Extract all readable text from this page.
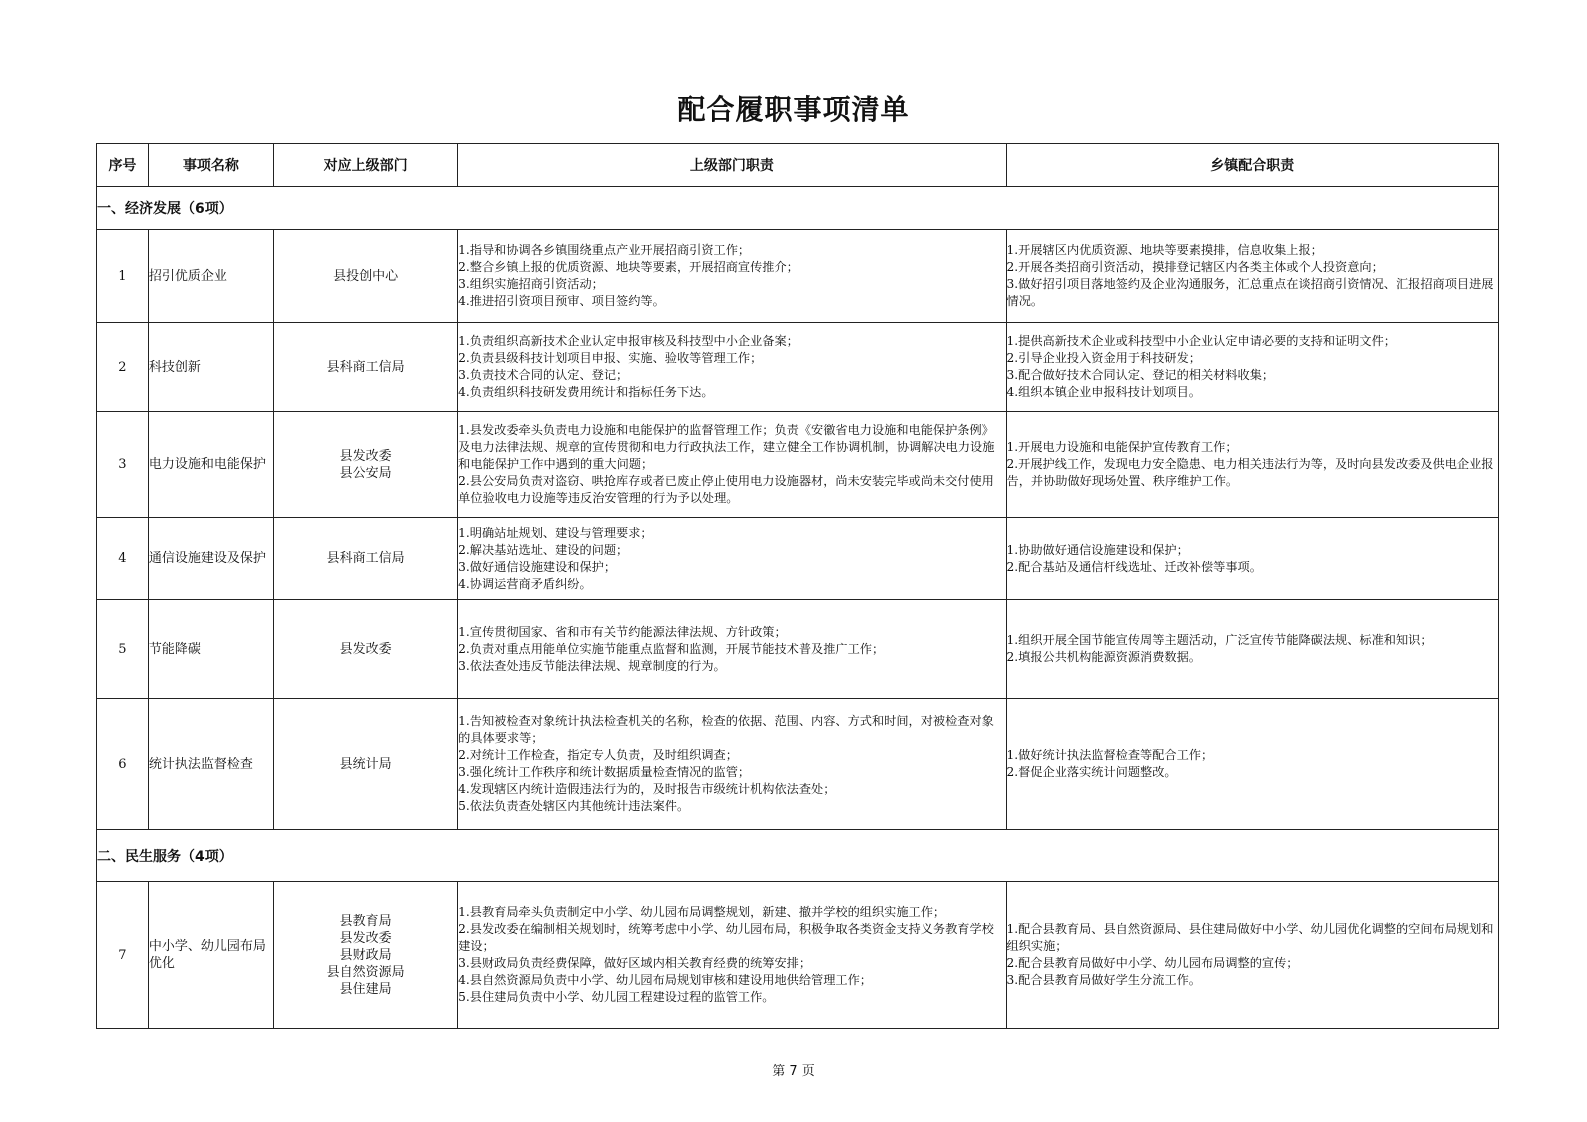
配合履职事项清单
序号	事项名称	对应上级部门	上级部门职责	乡镇配合职责
一、经济发展（6项）				
1	招引优质企业	县投创中心	1.指导和协调各乡镇围绕重点产业开展招商引资工作；
2.整合乡镇上报的优质资源、地块等要素，开展招商宣传推介；
3.组织实施招商引资活动；
4.推进招引资项目预审、项目签约等。	1.开展辖区内优质资源、地块等要素摸排，信息收集上报；
2.开展各类招商引资活动，摸排登记辖区内各类主体或个人投资意向；
3.做好招引项目落地签约及企业沟通服务，汇总重点在谈招商引资情况、汇报招商项目进展情况。

2	科技创新	县科商工信局	1.负责组织高新技术企业认定申报审核及科技型中小企业备案；
2.负责县级科技计划项目申报、实施、验收等管理工作；
3.负责技术合同的认定、登记；
4.负责组织科技研发费用统计和指标任务下达。	1.提供高新技术企业或科技型中小企业认定申请必要的支持和证明文件；
2.引导企业投入资金用于科技研发；
3.配合做好技术合同认定、登记的相关材料收集；
4.组织本镇企业申报科技计划项目。

3	电力设施和电能保护	县发改委
县公安局	1.县发改委牵头负责电力设施和电能保护的监督管理工作；负责《安徽省电力设施和电能保护条例》及电力法律法规、规章的宣传贯彻和电力行政执法工作，建立健全工作协调机制，协调解决电力设施和电能保护工作中遇到的重大问题；
2.县公安局负责对盗窃、哄抢库存或者已废止停止使用电力设施器材，尚未安装完毕或尚未交付使用单位验收电力设施等违反治安管理的行为予以处理。	1.开展电力设施和电能保护宣传教育工作；
2.开展护线工作，发现电力安全隐患、电力相关违法行为等，及时向县发改委及供电企业报告，并协助做好现场处置、秩序维护工作。

4	通信设施建设及保护	县科商工信局	1.明确站址规划、建设与管理要求；
2.解决基站选址、建设的问题；
3.做好通信设施建设和保护；
4.协调运营商矛盾纠纷。	1.协助做好通信设施建设和保护；
2.配合基站及通信杆线选址、迁改补偿等事项。

5	节能降碳	县发改委	1.宣传贯彻国家、省和市有关节约能源法律法规、方针政策；
2.负责对重点用能单位实施节能重点监督和监测，开展节能技术普及推广工作；
3.依法查处违反节能法律法规、规章制度的行为。	1.组织开展全国节能宣传周等主题活动，广泛宣传节能降碳法规、标准和知识；
2.填报公共机构能源资源消费数据。

6	统计执法监督检查	县统计局	1.告知被检查对象统计执法检查机关的名称，检查的依据、范围、内容、方式和时间，对被检查对象的具体要求等；
2.对统计工作检查，指定专人负责，及时组织调查；
3.强化统计工作秩序和统计数据质量检查情况的监管；
4.发现辖区内统计造假违法行为的，及时报告市级统计机构依法查处；
5.依法负责查处辖区内其他统计违法案件。	1.做好统计执法监督检查等配合工作；
2.督促企业落实统计问题整改。

二、民生服务（4项）				
7	中小学、幼儿园布局优化	县教育局
县发改委
县财政局
县自然资源局
县住建局	1.县教育局牵头负责制定中小学、幼儿园布局调整规划，新建、撤并学校的组织实施工作；
2.县发改委在编制相关规划时，统筹考虑中小学、幼儿园布局，积极争取各类资金支持义务教育学校建设；
3.县财政局负责经费保障，做好区域内相关教育经费的统筹安排；
4.县自然资源局负责中小学、幼儿园布局规划审核和建设用地供给管理工作；
5.县住建局负责中小学、幼儿园工程建设过程的监管工作。	1.配合县教育局、县自然资源局、县住建局做好中小学、幼儿园优化调整的空间布局规划和组织实施；
2.配合县教育局做好中小学、幼儿园布局调整的宣传；
3.配合县教育局做好学生分流工作。
第 7 页
